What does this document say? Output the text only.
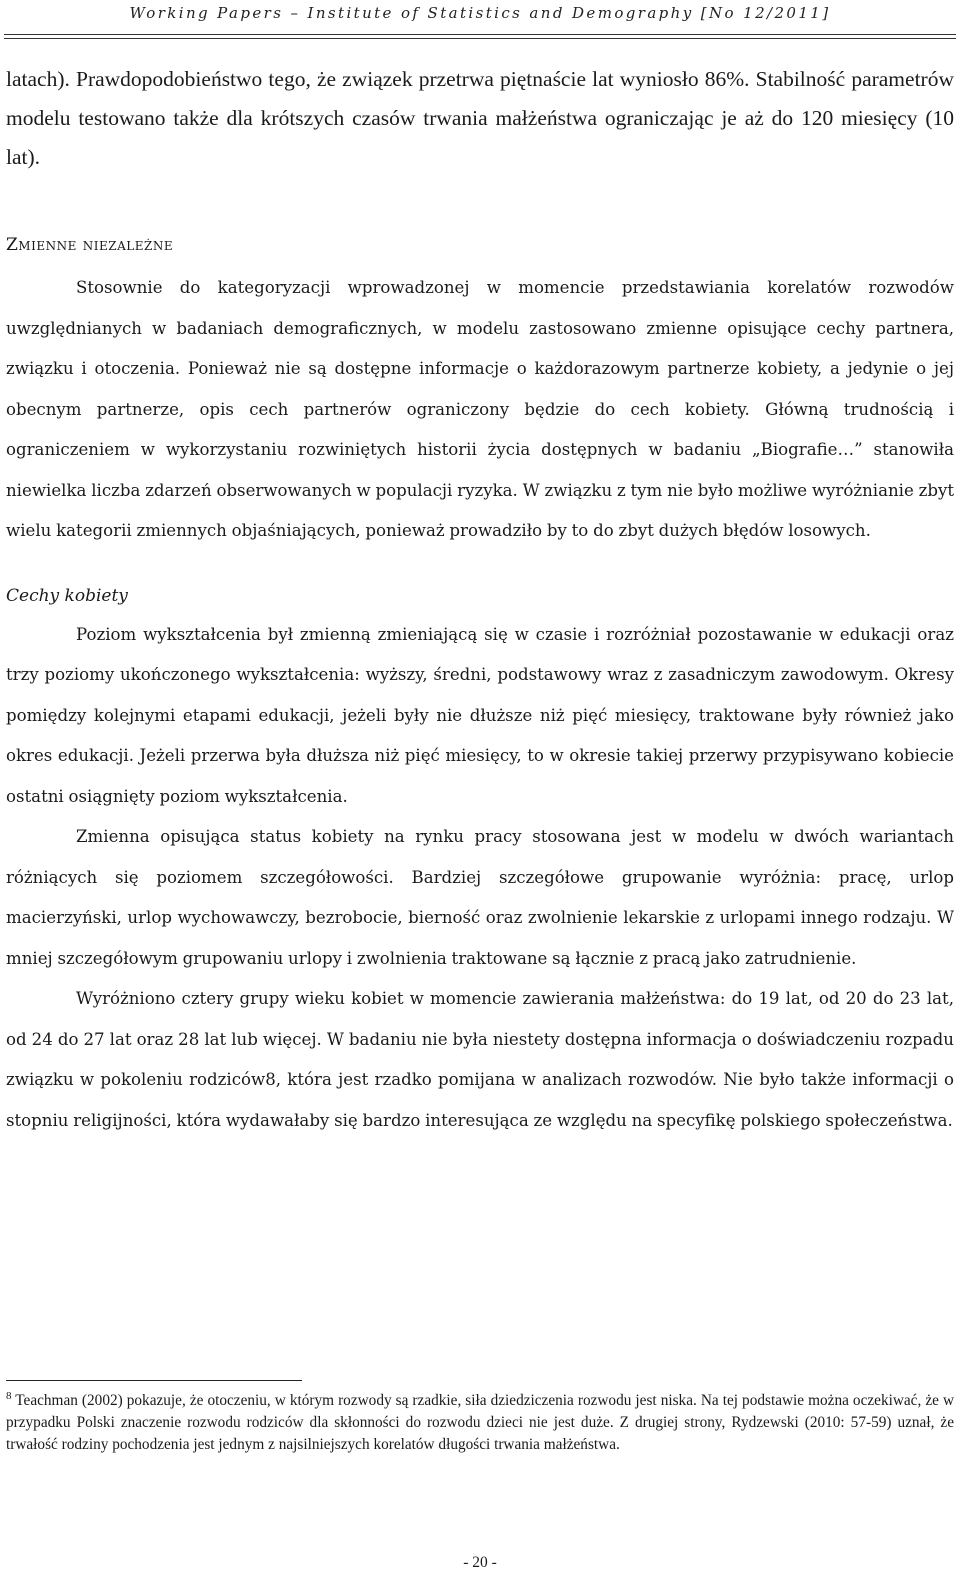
Working Papers – Institute of Statistics and Demography [No 12/2011]

latach). Prawdopodobieństwo tego, że związek przetrwa piętnaście lat wyniosło 86%. Stabilność parametrów modelu testowano także dla krótszych czasów trwania małżeństwa ograniczając je aż do 120 miesięcy (10 lat).

Zmienne niezależne

Stosownie do kategoryzacji wprowadzonej w momencie przedstawiania korelatów rozwodów uwzględnianych w badaniach demograficznych, w modelu zastosowano zmienne opisujące cechy partnera, związku i otoczenia. Ponieważ nie są dostępne informacje o każdorazowym partnerze kobiety, a jedynie o jej obecnym partnerze, opis cech partnerów ograniczony będzie do cech kobiety. Główną trudnością i ograniczeniem w wykorzystaniu rozwiniętych historii życia dostępnych w badaniu „Biografie…” stanowiła niewielka liczba zdarzeń obserwowanych w populacji ryzyka. W związku z tym nie było możliwe wyróżnianie zbyt wielu kategorii zmiennych objaśniających, ponieważ prowadziło by to do zbyt dużych błędów losowych.

Cechy kobiety

Poziom wykształcenia był zmienną zmieniającą się w czasie i rozróżniał pozostawanie w edukacji oraz trzy poziomy ukończonego wykształcenia: wyższy, średni, podstawowy wraz z zasadniczym zawodowym. Okresy pomiędzy kolejnymi etapami edukacji, jeżeli były nie dłuższe niż pięć miesięcy, traktowane były również jako okres edukacji. Jeżeli przerwa była dłuższa niż pięć miesięcy, to w okresie takiej przerwy przypisywano kobiecie ostatni osiągnięty poziom wykształcenia.

Zmienna opisująca status kobiety na rynku pracy stosowana jest w modelu w dwóch wariantach różniących się poziomem szczegółowości. Bardziej szczegółowe grupowanie wyróżnia: pracę, urlop macierzyński, urlop wychowawczy, bezrobocie, bierność oraz zwolnienie lekarskie z urlopami innego rodzaju. W mniej szczegółowym grupowaniu urlopy i zwolnienia traktowane są łącznie z pracą jako zatrudnienie.

Wyróżniono cztery grupy wieku kobiet w momencie zawierania małżeństwa: do 19 lat, od 20 do 23 lat, od 24 do 27 lat oraz 28 lat lub więcej. W badaniu nie była niestety dostępna informacja o doświadczeniu rozpadu związku w pokoleniu rodziców8, która jest rzadko pomijana w analizach rozwodów. Nie było także informacji o stopniu religijności, która wydawałaby się bardzo interesująca ze względu na specyfikę polskiego społeczeństwa.

$^8$ Teachman (2002) pokazuje, że otoczeniu, w którym rozwody są rzadkie, siła dziedziczenia rozwodu jest niska. Na tej podstawie można oczekiwać, że w przypadku Polski znaczenie rozwodu rodziców dla skłonności do rozwodu dzieci nie jest duże. Z drugiej strony, Rydzewski (2010: 57-59) uznał, że trwałość rodziny pochodzenia jest jednym z najsilniejszych korelatów długości trwania małżeństwa.

- 20 -
